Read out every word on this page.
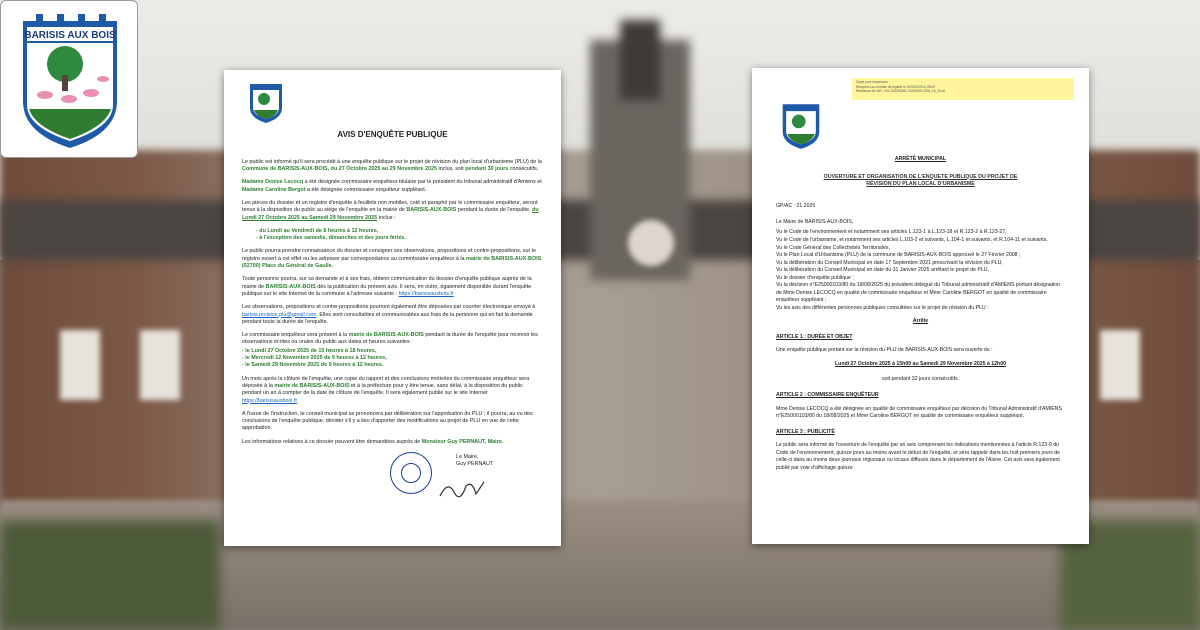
BARISIS AUX BOIS
AVIS D'ENQUÊTE PUBLIQUE

Le public est informé qu'il sera procédé à une enquête publique sur le projet de révision du plan local d'urbanisme (PLU) de la Commune de BARISIS-AUX-BOIS, du 27 Octobre 2025 au 29 Novembre 2025 inclus, soit pendant 30 jours consécutifs.

Madame Denise Lecocq a été désignée commissaire enquêteur titulaire par le président du tribunal administratif d'Amiens et Madame Caroline Bergot a été désignée commissaire enquêteur suppléant.

Les pièces du dossier et un registre d'enquête à feuillets non mobiles, coté et paraphé par le commissaire enquêteur, seront tenus à la disposition du public au siège de l'enquête en la mairie de BARISIS-AUX-BOIS pendant la durée de l'enquête, du Lundi 27 Octobre 2025 au Samedi 29 Novembre 2025 inclus :

- du Lundi au Vendredi de 8 heures à 12 heures,
- à l'exception des samedis, dimanches et des jours fériés.

Le public pourra prendre connaissance du dossier et consigner ses observations, propositions et contre-propositions, sur le registre ouvert à cet effet ou les adresser par correspondance au commissaire enquêteur à la mairie de BARISIS-AUX-BOIS (02700) Place du Général de Gaulle.

Toute personne pourra, sur sa demande et à ses frais, obtenir communication du dossier d'enquête publique auprès de la mairie de BARISIS-AUX-BOIS dès la publication du présent avis. Il sera, en outre, également disponible durant l'enquête publique sur le site Internet de la commune à l'adresse suivante : https://barisisauxbois.fr

Les observations, propositions et contre-propositions pourront également être déposées par courrier électronique envoyé à barisis.revision.plu@gmail.com. Elles sont consultables et communicables aux frais de la personne qui en fait la demande pendant toute la durée de l'enquête.

Le commissaire enquêteur sera présent à la mairie de BARISIS-AUX-BOIS pendant la durée de l'enquête pour recevoir les observations écrites ou orales du public aux dates et heures suivantes :

- le Lundi 27 Octobre 2025 de 15 heures à 18 heures,
- le Mercredi 12 Novembre 2025 de 9 heures à 12 heures,
- le Samedi 29 Novembre 2025 de 9 heures à 12 heures.

Un mois après la clôture de l'enquête, une copie du rapport et des conclusions motivées du commissaire enquêteur sera déposée à la mairie de BARISIS-AUX-BOIS et à la préfecture pour y être tenue, sans délai, à la disposition du public pendant un an à compter de la date de clôture de l'enquête. Il sera également publié sur le site Internet https://barisisauxbois.fr

A l'issue de l'instruction, le conseil municipal se prononcera par délibération sur l'approbation du PLU ; il pourra, au vu des conclusions de l'enquête publique, décider s'il y a lieu d'apporter des modifications au projet de PLU en vue de cette approbation.

Les informations relatives à ce dossier peuvent être demandées auprès de Monsieur Guy PERNAUT, Maire.

Le Maire,
Guy PERNAUT
Copie pour impression
Réception au contrôle de légalité le 20/09/2025 à 19h19
Référence de l'AR : 002-210200481-20250919-2025_06_19-AI

ARRÊTÉ MUNICIPAL

OUVERTURE ET ORGANISATION DE L'ENQUETE PUBLIQUE DU PROJET DE
RÉVISION DU PLAN LOCAL D'URBANISME

GP/AC : 21.2025

Le Maire de BARISIS-AUX-BOIS,

Vu le Code de l'environnement et notamment ses articles L.123-1 à L.123-18 et R.123-2 à R.123-27,

Vu le Code de l'urbanisme, et notamment ses articles L.103-2 et suivants, L.104-1 et suivants, et R.104-11 et suivants,

Vu le Code Général des Collectivités Territoriales,

Vu le Plan Local d'Urbanisme (PLU) de la commune de BARISIS-AUX-BOIS approuvé le 27 Février 2008 ;

Vu la délibération du Conseil Municipal en date 17 Septembre 2021 prescrivant la révision du PLU,

Vu la délibération du Conseil Municipal en date du 31 Janvier 2025 arrêtant le projet de PLU,

Vu le dossier d'enquête publique ;

Vu la décision n°E25000103/80 du 18/08/2025 du président délégué du Tribunal administratif d'AMIENS portant désignation de Mme Denise LECOCQ en qualité de commissaire enquêteur et Mme Caroline BERGOT en qualité de commissaire enquêteur suppléant ;

Vu les avis des différentes personnes publiques consultées sur le projet de révision du PLU :

Arrête

ARTICLE 1 : DURÉE ET OBJET

Une enquête publique portant sur la révision du PLU de BARISIS-AUX-BOIS sera ouverte du :

Lundi 27 Octobre 2025 à 15h00 au Samedi 29 Novembre 2025 à 12h00

soit pendant 32 jours consécutifs.

ARTICLE 2 : COMMISSAIRE ENQUÊTEUR

Mme Denise LECOCQ a été désignée en qualité de commissaire enquêteur par décision du Tribunal Administratif d'AMIENS n°E25000103/80 du 18/08/2025 et Mme Caroline BERGOT en qualité de commissaire enquêteur suppléant.

ARTICLE 3 : PUBLICITÉ

Le public sera informé de l'ouverture de l'enquête par un avis comprenant les indications mentionnées à l'article R.123-9 du Code de l'environnement, quinze jours au moins avant le début de l'enquête, et sera rappelé dans les huit premiers jours de celle-ci dans au moins deux journaux régionaux ou locaux diffusés dans le département de l'Aisne. Cet avis sera également publié par voie d'affichage quinze
